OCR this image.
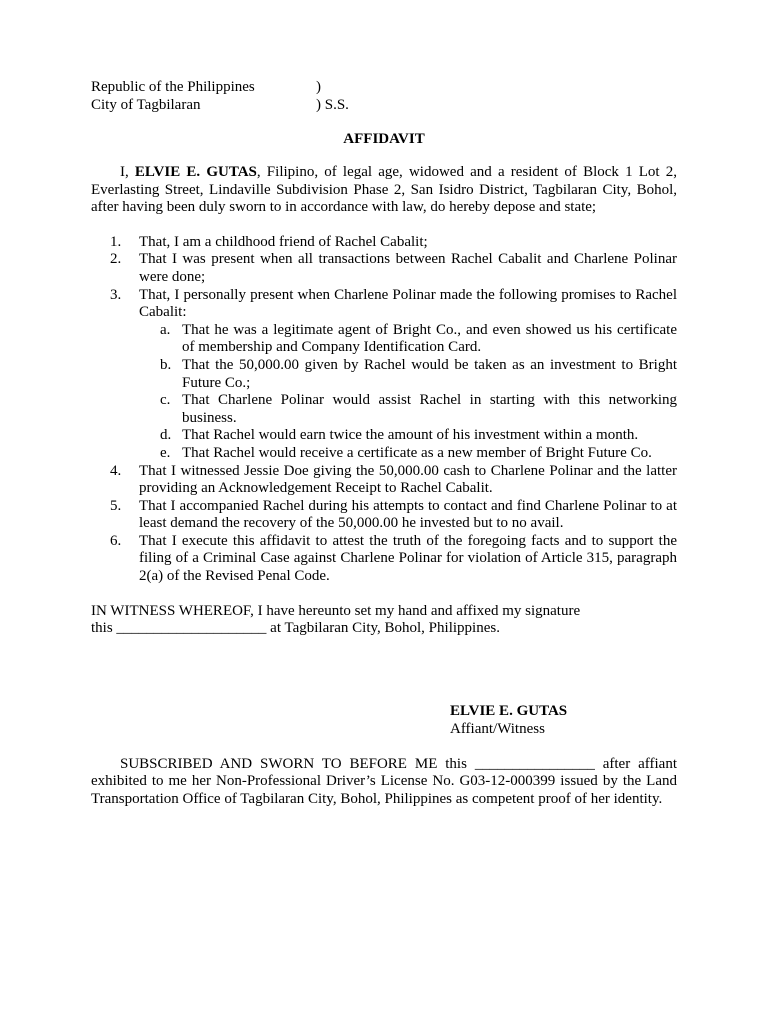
Republic of the Philippines	)
City of Tagbilaran	) S.S.
AFFIDAVIT

I, ELVIE E. GUTAS, Filipino, of legal age, widowed and a resident of Block 1 Lot 2, Everlasting Street, Lindaville Subdivision Phase 2, San Isidro District, Tagbilaran City, Bohol, after having been duly sworn to in accordance with law, do hereby depose and state;

1. That, I am a childhood friend of Rachel Cabalit;
2. That I was present when all transactions between Rachel Cabalit and Charlene Polinar were done;
3. That, I personally present when Charlene Polinar made the following promises to Rachel Cabalit:
a. That he was a legitimate agent of Bright Co., and even showed us his certificate of membership and Company Identification Card.
b. That the 50,000.00 given by Rachel would be taken as an investment to Bright Future Co.;
c. That Charlene Polinar would assist Rachel in starting with this networking business.
d. That Rachel would earn twice the amount of his investment within a month.
e. That Rachel would receive a certificate as a new member of Bright Future Co.
4. That I witnessed Jessie Doe giving the 50,000.00 cash to Charlene Polinar and the latter providing an Acknowledgement Receipt to Rachel Cabalit.
5. That I accompanied Rachel during his attempts to contact and find Charlene Polinar to at least demand the recovery of the 50,000.00 he invested but to no avail.
6. That I execute this affidavit to attest the truth of the foregoing facts and to support the filing of a Criminal Case against Charlene Polinar for violation of Article 315, paragraph 2(a) of the Revised Penal Code.

IN WITNESS WHEREOF, I have hereunto set my hand and affixed my signature

this ____________________ at Tagbilaran City, Bohol, Philippines.

ELVIE E. GUTAS
Affiant/Witness

SUBSCRIBED AND SWORN TO BEFORE ME this ________________ after affiant exhibited to me her Non-Professional Driver’s License No. G03-12-000399 issued by the Land Transportation Office of Tagbilaran City, Bohol, Philippines as competent proof of her identity.
